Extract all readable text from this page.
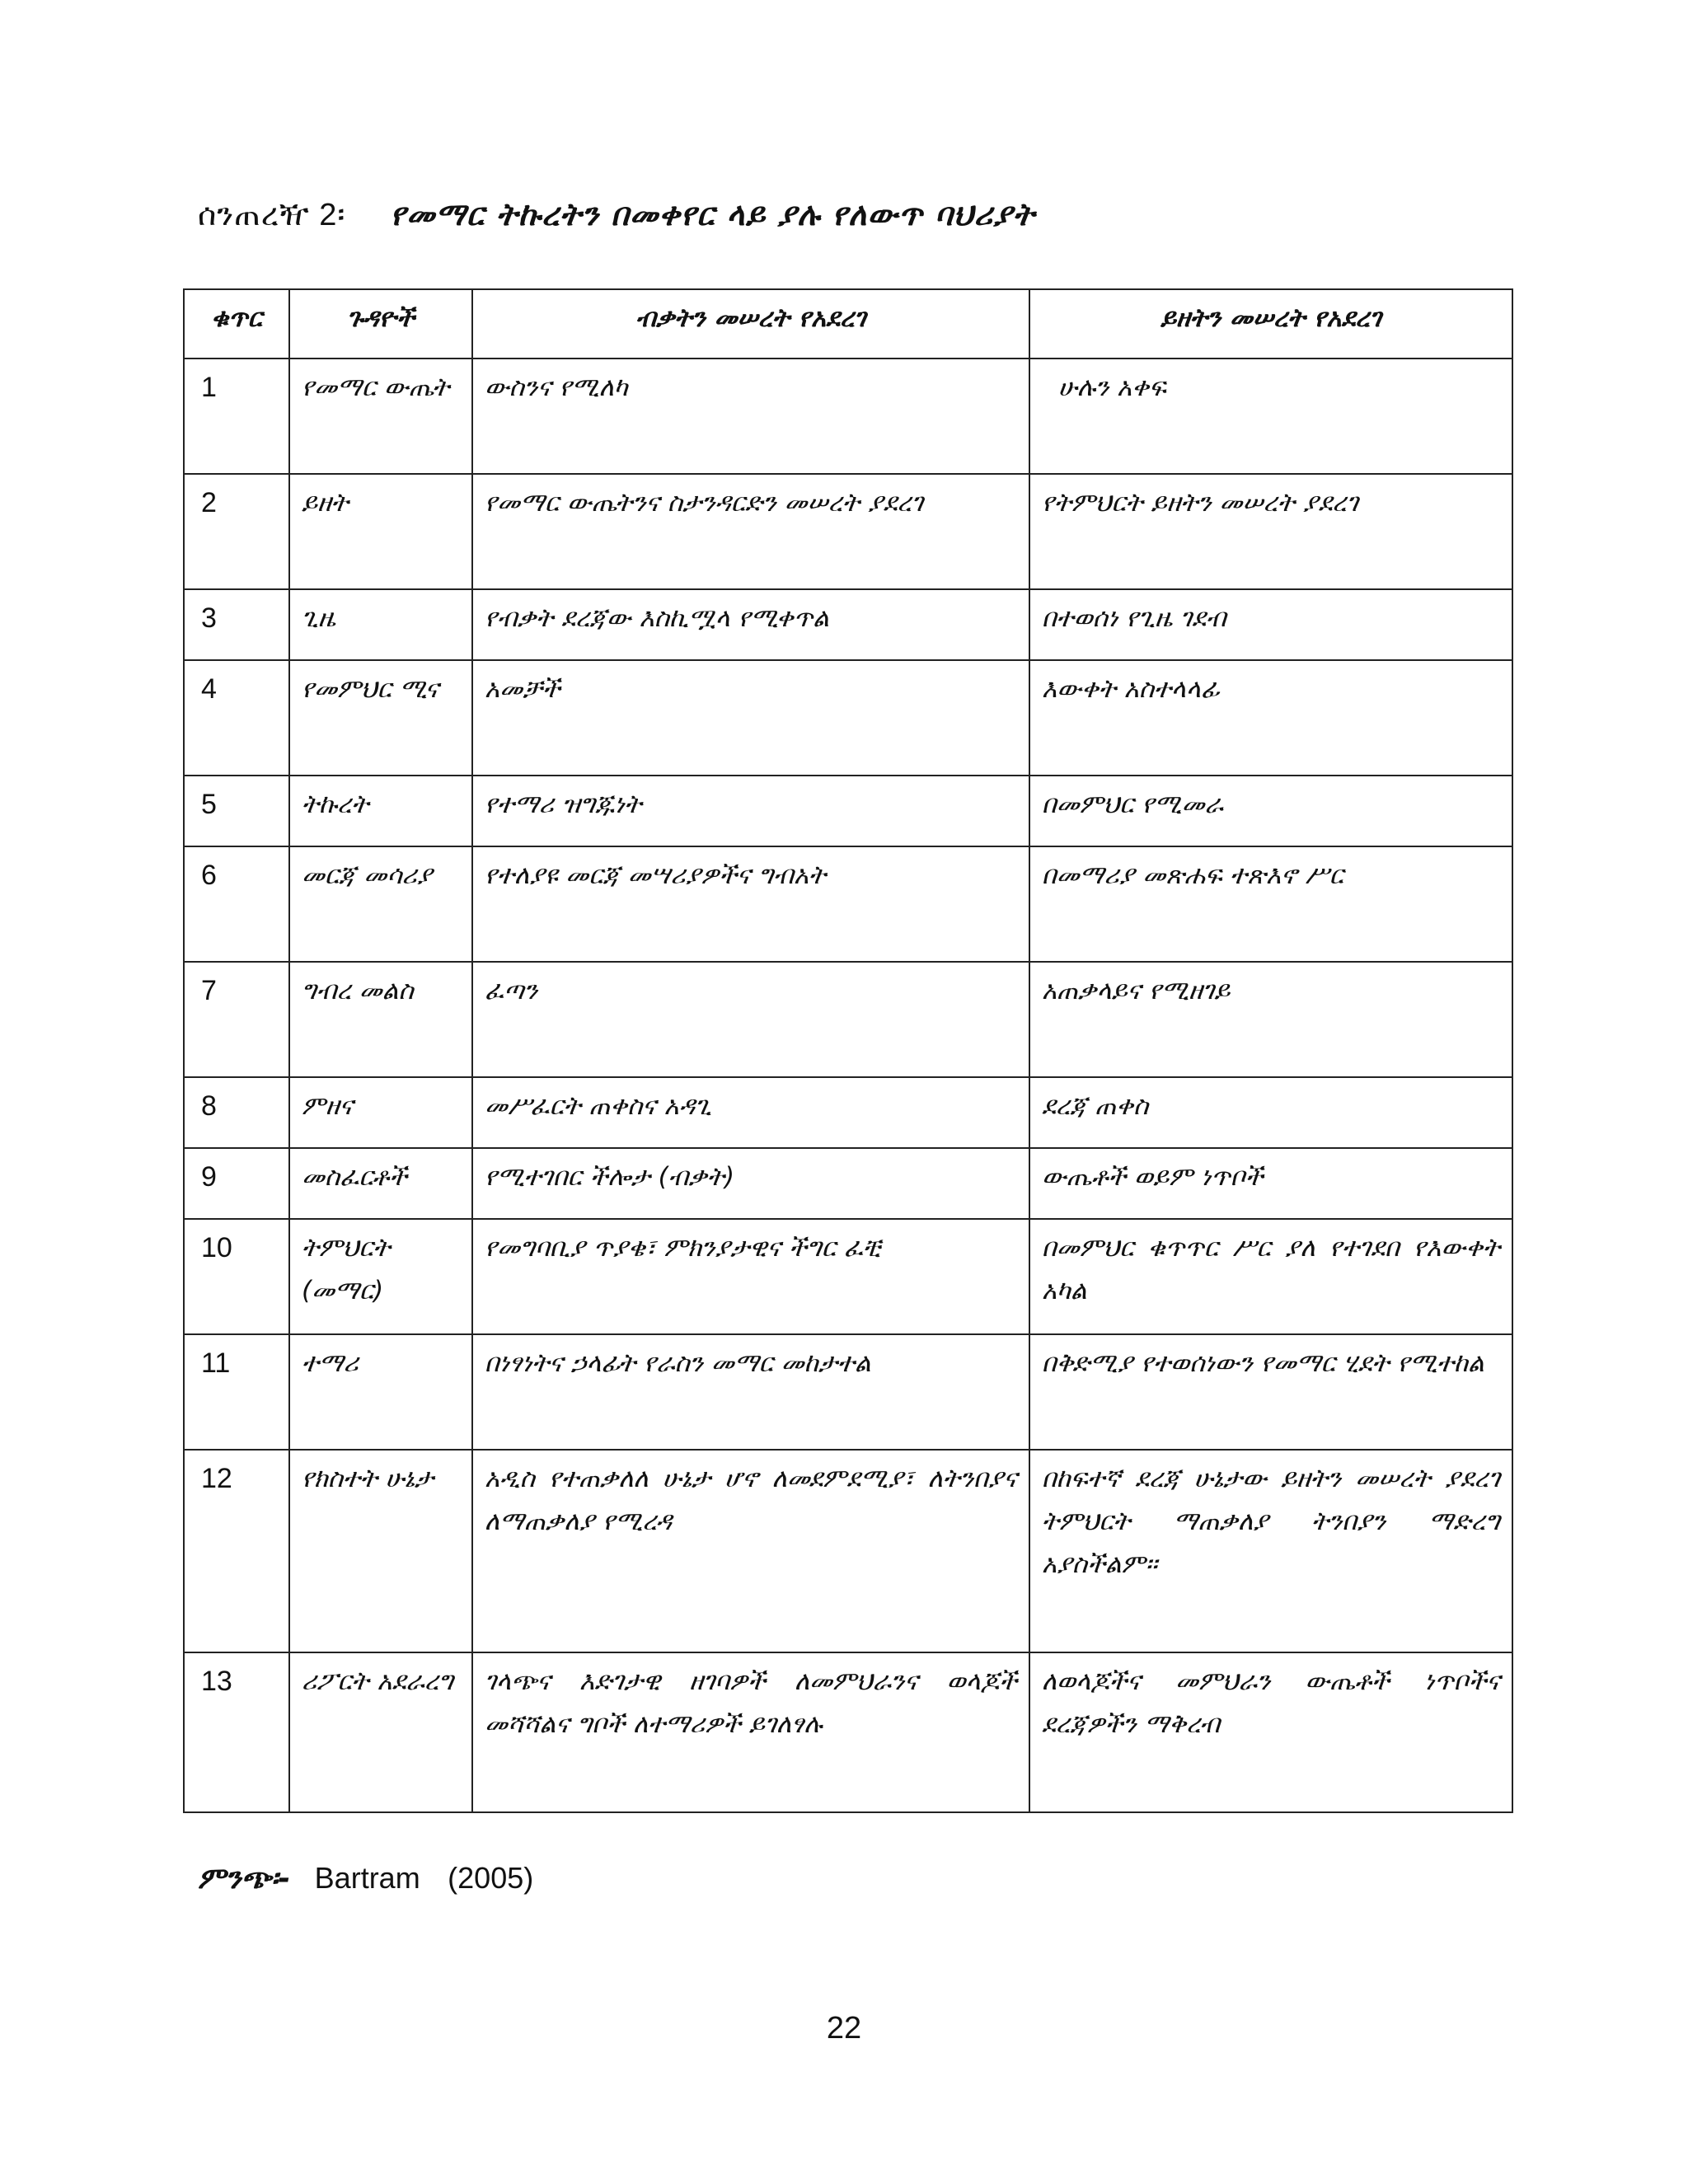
ሰንጠረዥ 2፡ የመማር ትኩረትን በመቀየር ላይ ያሉ የለውጥ ባህሪያት
ቁጥር	ጉዳዮች	ብቃትን መሠረት የአደረገ	ይዘትን መሠረት የአደረገ
1	የመማር ውጤት	ውስንና የሚለካ	ሁሉን አቀፍ
2	ይዘት	የመማር ውጤትንና ስታንዳርድን መሠረት ያደረገ	የትምህርት ይዘትን መሠረት ያደረገ
3	ጊዜ	የብቃት ደረጃው እስኪሟላ የሚቀጥል	በተወሰነ የጊዜ ገደብ
4	የመምህር ሚና	አመቻች	እውቀት አስተላላፊ
5	ትኩረት	የተማሪ ዝግጁነት	በመምህር የሚመራ
6	መርጃ መሳሪያ	የተለያዩ መርጃ መሣሪያዎችና ግብአት	በመማሪያ መጽሐፍ ተጽእኖ ሥር
7	ግብረ መልስ	ፈጣን	አጠቃላይና የሚዘገይ
8	ምዘና	መሥፈርት ጠቀስና አዳጊ	ደረጃ ጠቀስ
9	መስፈርቶች	የሚተገበር ችሎታ (ብቃት)	ውጤቶች ወይም ነጥቦች
10	ትምህርት (መማር)	የመግባቢያ ጥያቄ፣ ምክንያታዊና ችግር ፈቺ	በመምህር ቁጥጥር ሥር ያለ የተገደበ የእውቀት አካል
11	ተማሪ	በነፃነትና ኃላፊት የራስን መማር መከታተል	በቅድሚያ የተወሰነውን የመማር ሂደት የሚተከል
12	የክስተት ሁኔታ	አዲስ የተጠቃለለ ሁኔታ ሆኖ ለመደምደሚያ፣ ለትንበያና ለማጠቃለያ የሚረዳ	በከፍተኛ ደረጃ ሁኔታው ይዘትን መሠረት ያደረገ ትምህርት ማጠቃለያ ትንበያን ማድረግ አያስችልም፡፡
13	ሪፖርት አደራረግ	ገላጭና እድገታዊ ዘገባዎች ለመምህራንና ወላጆች መሻሻልና ግቦች ለተማሪዎች ይገለፃሉ	ለወላጆችና መምህራን ውጤቶች ነጥቦችና ደረጃዎችን ማቅረብ
ምንጭ፡- Bartram (2005)
22
